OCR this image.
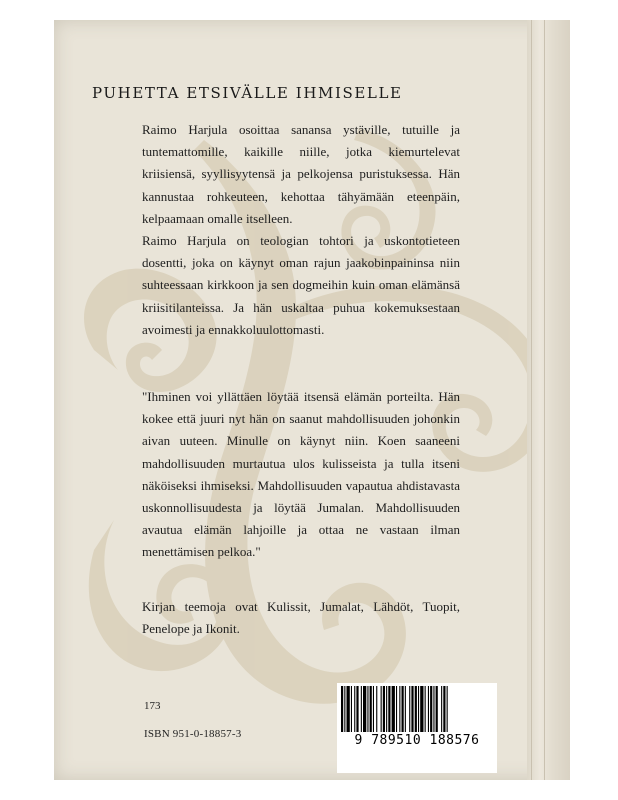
PUHETTA ETSIVÄLLE IHMISELLE

Raimo Harjula osoittaa sanansa ystäville, tutuille ja tuntemattomille, kaikille niille, jotka kiemurtelevat kriisiensä, syyllisyytensä ja pelkojensa puristuksessa. Hän kannustaa rohkeuteen, kehottaa tähyämään eteenpäin, kelpaamaan omalle itselleen.

Raimo Harjula on teologian tohtori ja uskontotieteen dosentti, joka on käynyt oman rajun jaakobinpaininsa niin suhteessaan kirkkoon ja sen dogmeihin kuin oman elämänsä kriisitilanteissa. Ja hän uskaltaa puhua kokemuksestaan avoimesti ja ennakkoluulottomasti.

"Ihminen voi yllättäen löytää itsensä elämän porteilta. Hän kokee että juuri nyt hän on saanut mahdollisuuden johonkin aivan uuteen. Minulle on käynyt niin. Koen saaneeni mahdollisuuden murtautua ulos kulisseista ja tulla itseni näköiseksi ihmiseksi. Mahdollisuuden vapautua ahdistavasta uskonnollisuudesta ja löytää Jumalan. Mahdollisuuden avautua elämän lahjoille ja ottaa ne vastaan ilman menettämisen pelkoa."

Kirjan teemoja ovat Kulissit, Jumalat, Lähdöt, Tuopit, Penelope ja Ikonit.

173
ISBN 951-0-18857-3	9 789510 188576
